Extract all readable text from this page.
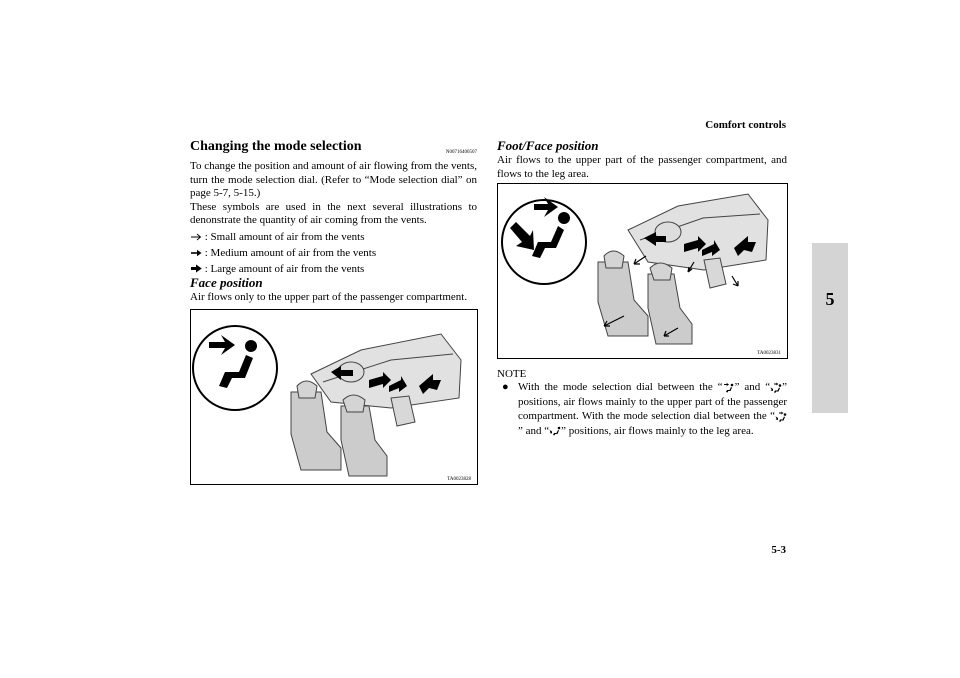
Comfort controls
5-3
5
Changing the mode selection	N00716400507

To change the position and amount of air flowing from the vents, turn the mode selection dial. (Refer to “Mode selection dial” on page 5-7, 5-15.)

These symbols are used in the next several illustrations to denonstrate the quantity of air coming from the vents.

: Small amount of air from the vents
: Medium amount of air from the vents
: Large amount of air from the vents
Face position

Air flows only to the upper part of the passenger compartment.

TA0023828
Foot/Face position

Air flows to the upper part of the passenger compartment, and flows to the leg area.

TA0023831
NOTE
● With the mode selection dial between the “ ” and “ ” positions, air flows mainly to the upper part of the passenger compartment. With the mode selection dial between the “” and “ ” positions, air flows mainly to the leg area.
